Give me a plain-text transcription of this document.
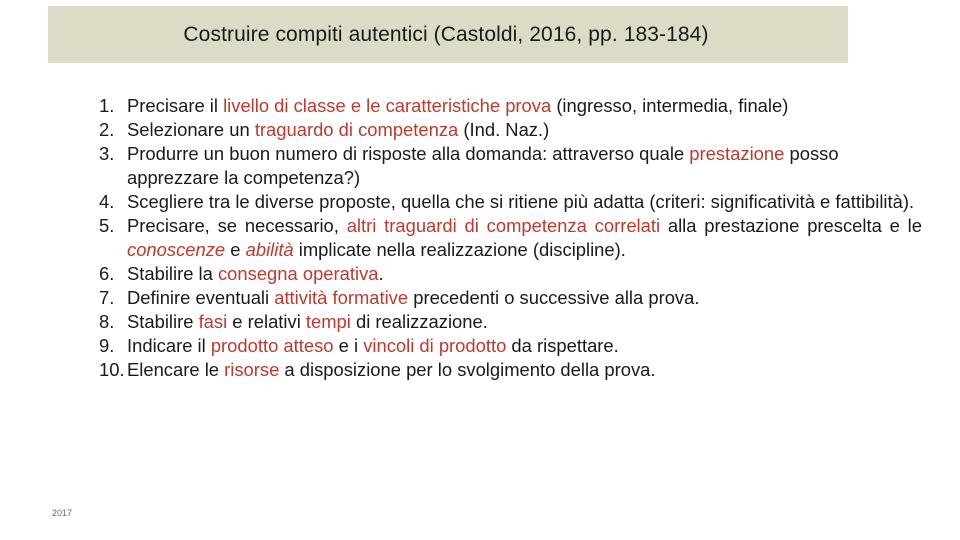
Costruire compiti autentici (Castoldi, 2016, pp. 183-184)
1. Precisare il livello di classe e le caratteristiche prova (ingresso, intermedia, finale)
2. Selezionare un traguardo di competenza (Ind. Naz.)
3. Produrre un buon numero di risposte alla domanda: attraverso quale prestazione posso apprezzare la competenza?)
4. Scegliere tra le diverse proposte, quella che si ritiene più adatta (criteri: significatività e fattibilità).
5. Precisare, se necessario, altri traguardi di competenza correlati alla prestazione prescelta e le conoscenze e abilità implicate nella realizzazione (discipline).
6. Stabilire la consegna operativa.
7. Definire eventuali attività formative precedenti o successive alla prova.
8. Stabilire fasi e relativi tempi di realizzazione.
9. Indicare il prodotto atteso e i vincoli di prodotto da rispettare.
10. Elencare le risorse a disposizione per lo svolgimento della prova.
2017
